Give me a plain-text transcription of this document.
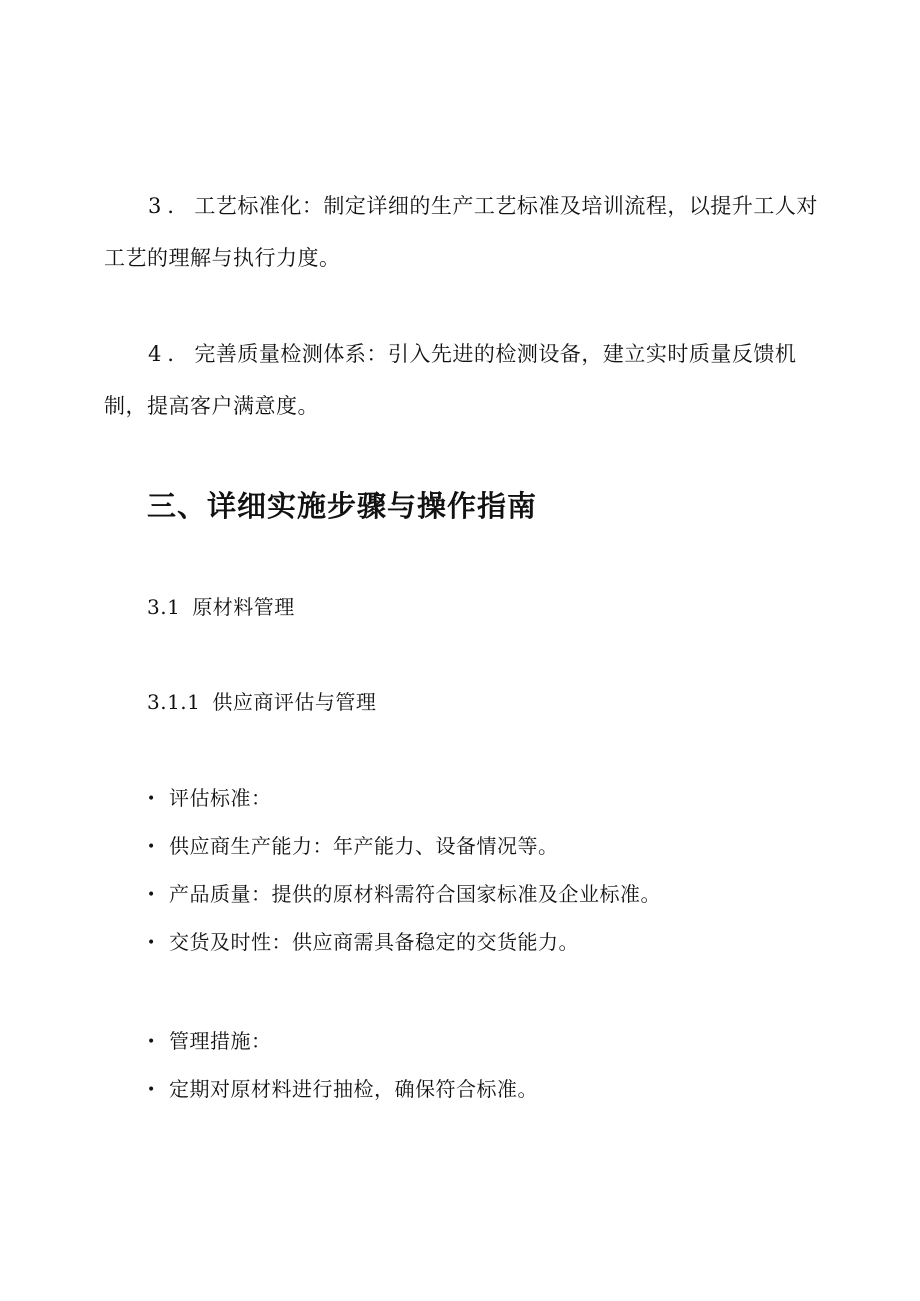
3．工艺标准化：制定详细的生产工艺标准及培训流程，以提升工人对工艺的理解与执行力度。

4．完善质量检测体系：引入先进的检测设备，建立实时质量反馈机制，提高客户满意度。

三、详细实施步骤与操作指南

3.1 原材料管理

3.1.1 供应商评估与管理

• 评估标准：

• 供应商生产能力：年产能力、设备情况等。

• 产品质量：提供的原材料需符合国家标准及企业标准。

• 交货及时性：供应商需具备稳定的交货能力。

• 管理措施：

• 定期对原材料进行抽检，确保符合标准。
